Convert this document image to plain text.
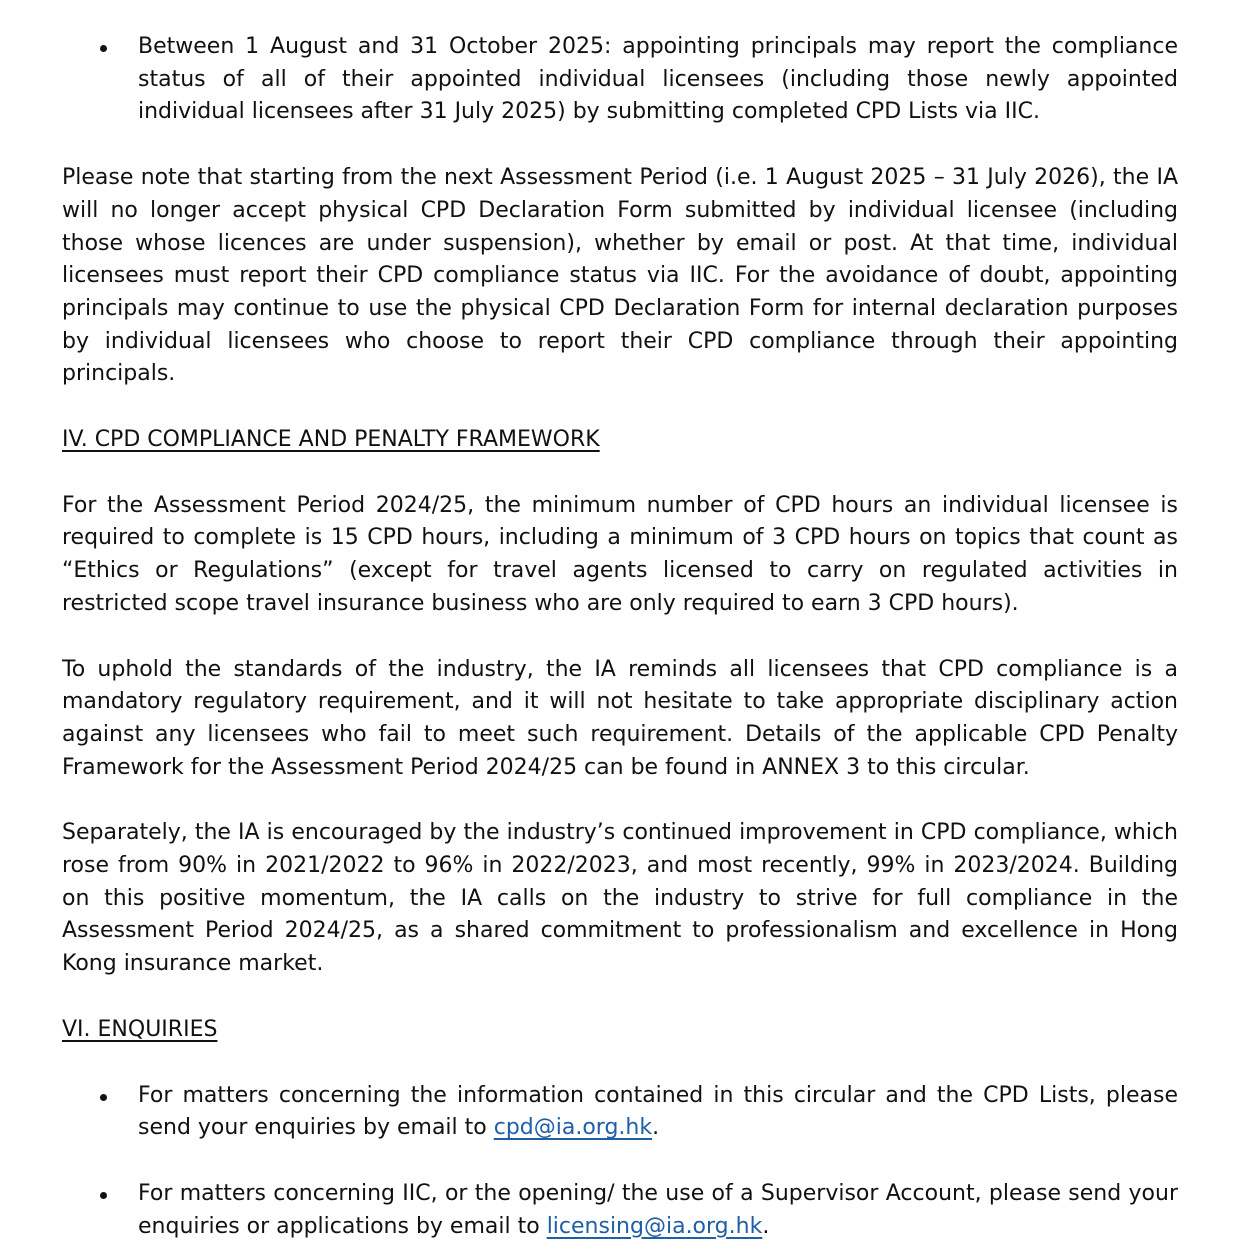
Between 1 August and 31 October 2025: appointing principals may report the compliance status of all of their appointed individual licensees (including those newly appointed individual licensees after 31 July 2025) by submitting completed CPD Lists via IIC.

Please note that starting from the next Assessment Period (i.e. 1 August 2025 – 31 July 2026), the IA will no longer accept physical CPD Declaration Form submitted by individual licensee (including those whose licences are under suspension), whether by email or post. At that time, individual licensees must report their CPD compliance status via IIC. For the avoidance of doubt, appointing principals may continue to use the physical CPD Declaration Form for internal declaration purposes by individual licensees who choose to report their CPD compliance through their appointing principals.

IV. CPD COMPLIANCE AND PENALTY FRAMEWORK

For the Assessment Period 2024/25, the minimum number of CPD hours an individual licensee is required to complete is 15 CPD hours, including a minimum of 3 CPD hours on topics that count as “Ethics or Regulations” (except for travel agents licensed to carry on regulated activities in restricted scope travel insurance business who are only required to earn 3 CPD hours).

To uphold the standards of the industry, the IA reminds all licensees that CPD compliance is a mandatory regulatory requirement, and it will not hesitate to take appropriate disciplinary action against any licensees who fail to meet such requirement. Details of the applicable CPD Penalty Framework for the Assessment Period 2024/25 can be found in ANNEX 3 to this circular.

Separately, the IA is encouraged by the industry’s continued improvement in CPD compliance, which rose from 90% in 2021/2022 to 96% in 2022/2023, and most recently, 99% in 2023/2024. Building on this positive momentum, the IA calls on the industry to strive for full compliance in the Assessment Period 2024/25, as a shared commitment to professionalism and excellence in Hong Kong insurance market.

VI. ENQUIRIES

For matters concerning the information contained in this circular and the CPD Lists, please send your enquiries by email to cpd@ia.org.hk.

For matters concerning IIC, or the opening/ the use of a Supervisor Account, please send your enquiries or applications by email to licensing@ia.org.hk.
